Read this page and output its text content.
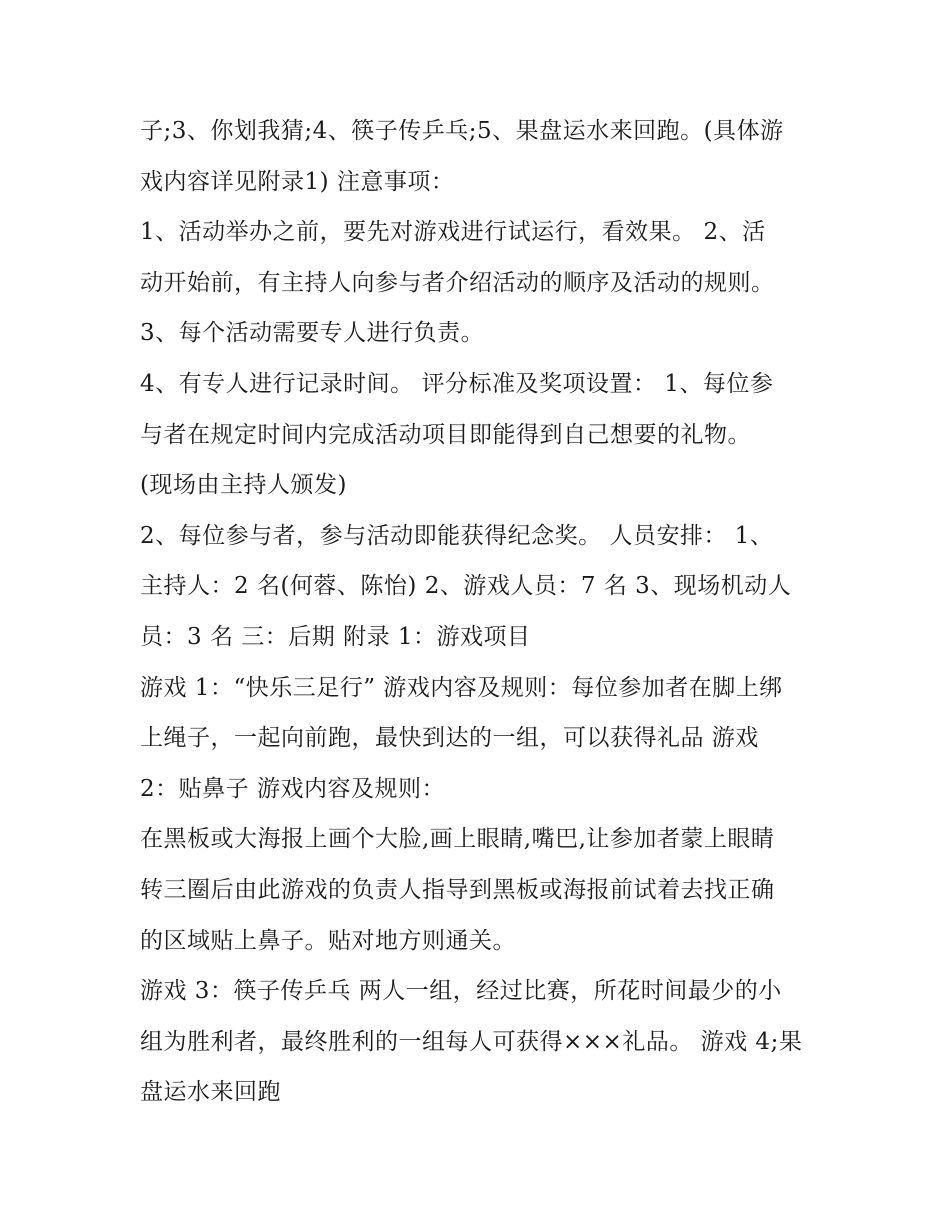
子;3、你划我猜;4、筷子传乒乓;5、果盘运水来回跑。(具体游

戏内容详见附录1) 注意事项：

1、活动举办之前，要先对游戏进行试运行，看效果。 2、活

动开始前，有主持人向参与者介绍活动的顺序及活动的规则。

3、每个活动需要专人进行负责。

4、有专人进行记录时间。 评分标准及奖项设置： 1、每位参

与者在规定时间内完成活动项目即能得到自己想要的礼物。

(现场由主持人颁发)

2、每位参与者，参与活动即能获得纪念奖。 人员安排： 1、

主持人：2 名(何蓉、陈怡) 2、游戏人员：7 名 3、现场机动人

员：3 名 三：后期 附录 1：游戏项目

游戏 1：“快乐三足行” 游戏内容及规则：每位参加者在脚上绑

上绳子，一起向前跑，最快到达的一组，可以获得礼品 游戏

2：贴鼻子 游戏内容及规则：

在黑板或大海报上画个大脸,画上眼睛,嘴巴,让参加者蒙上眼睛

转三圈后由此游戏的负责人指导到黑板或海报前试着去找正确

的区域贴上鼻子。贴对地方则通关。

游戏 3：筷子传乒乓 两人一组，经过比赛，所花时间最少的小

组为胜利者，最终胜利的一组每人可获得×××礼品。 游戏 4;果

盘运水来回跑
